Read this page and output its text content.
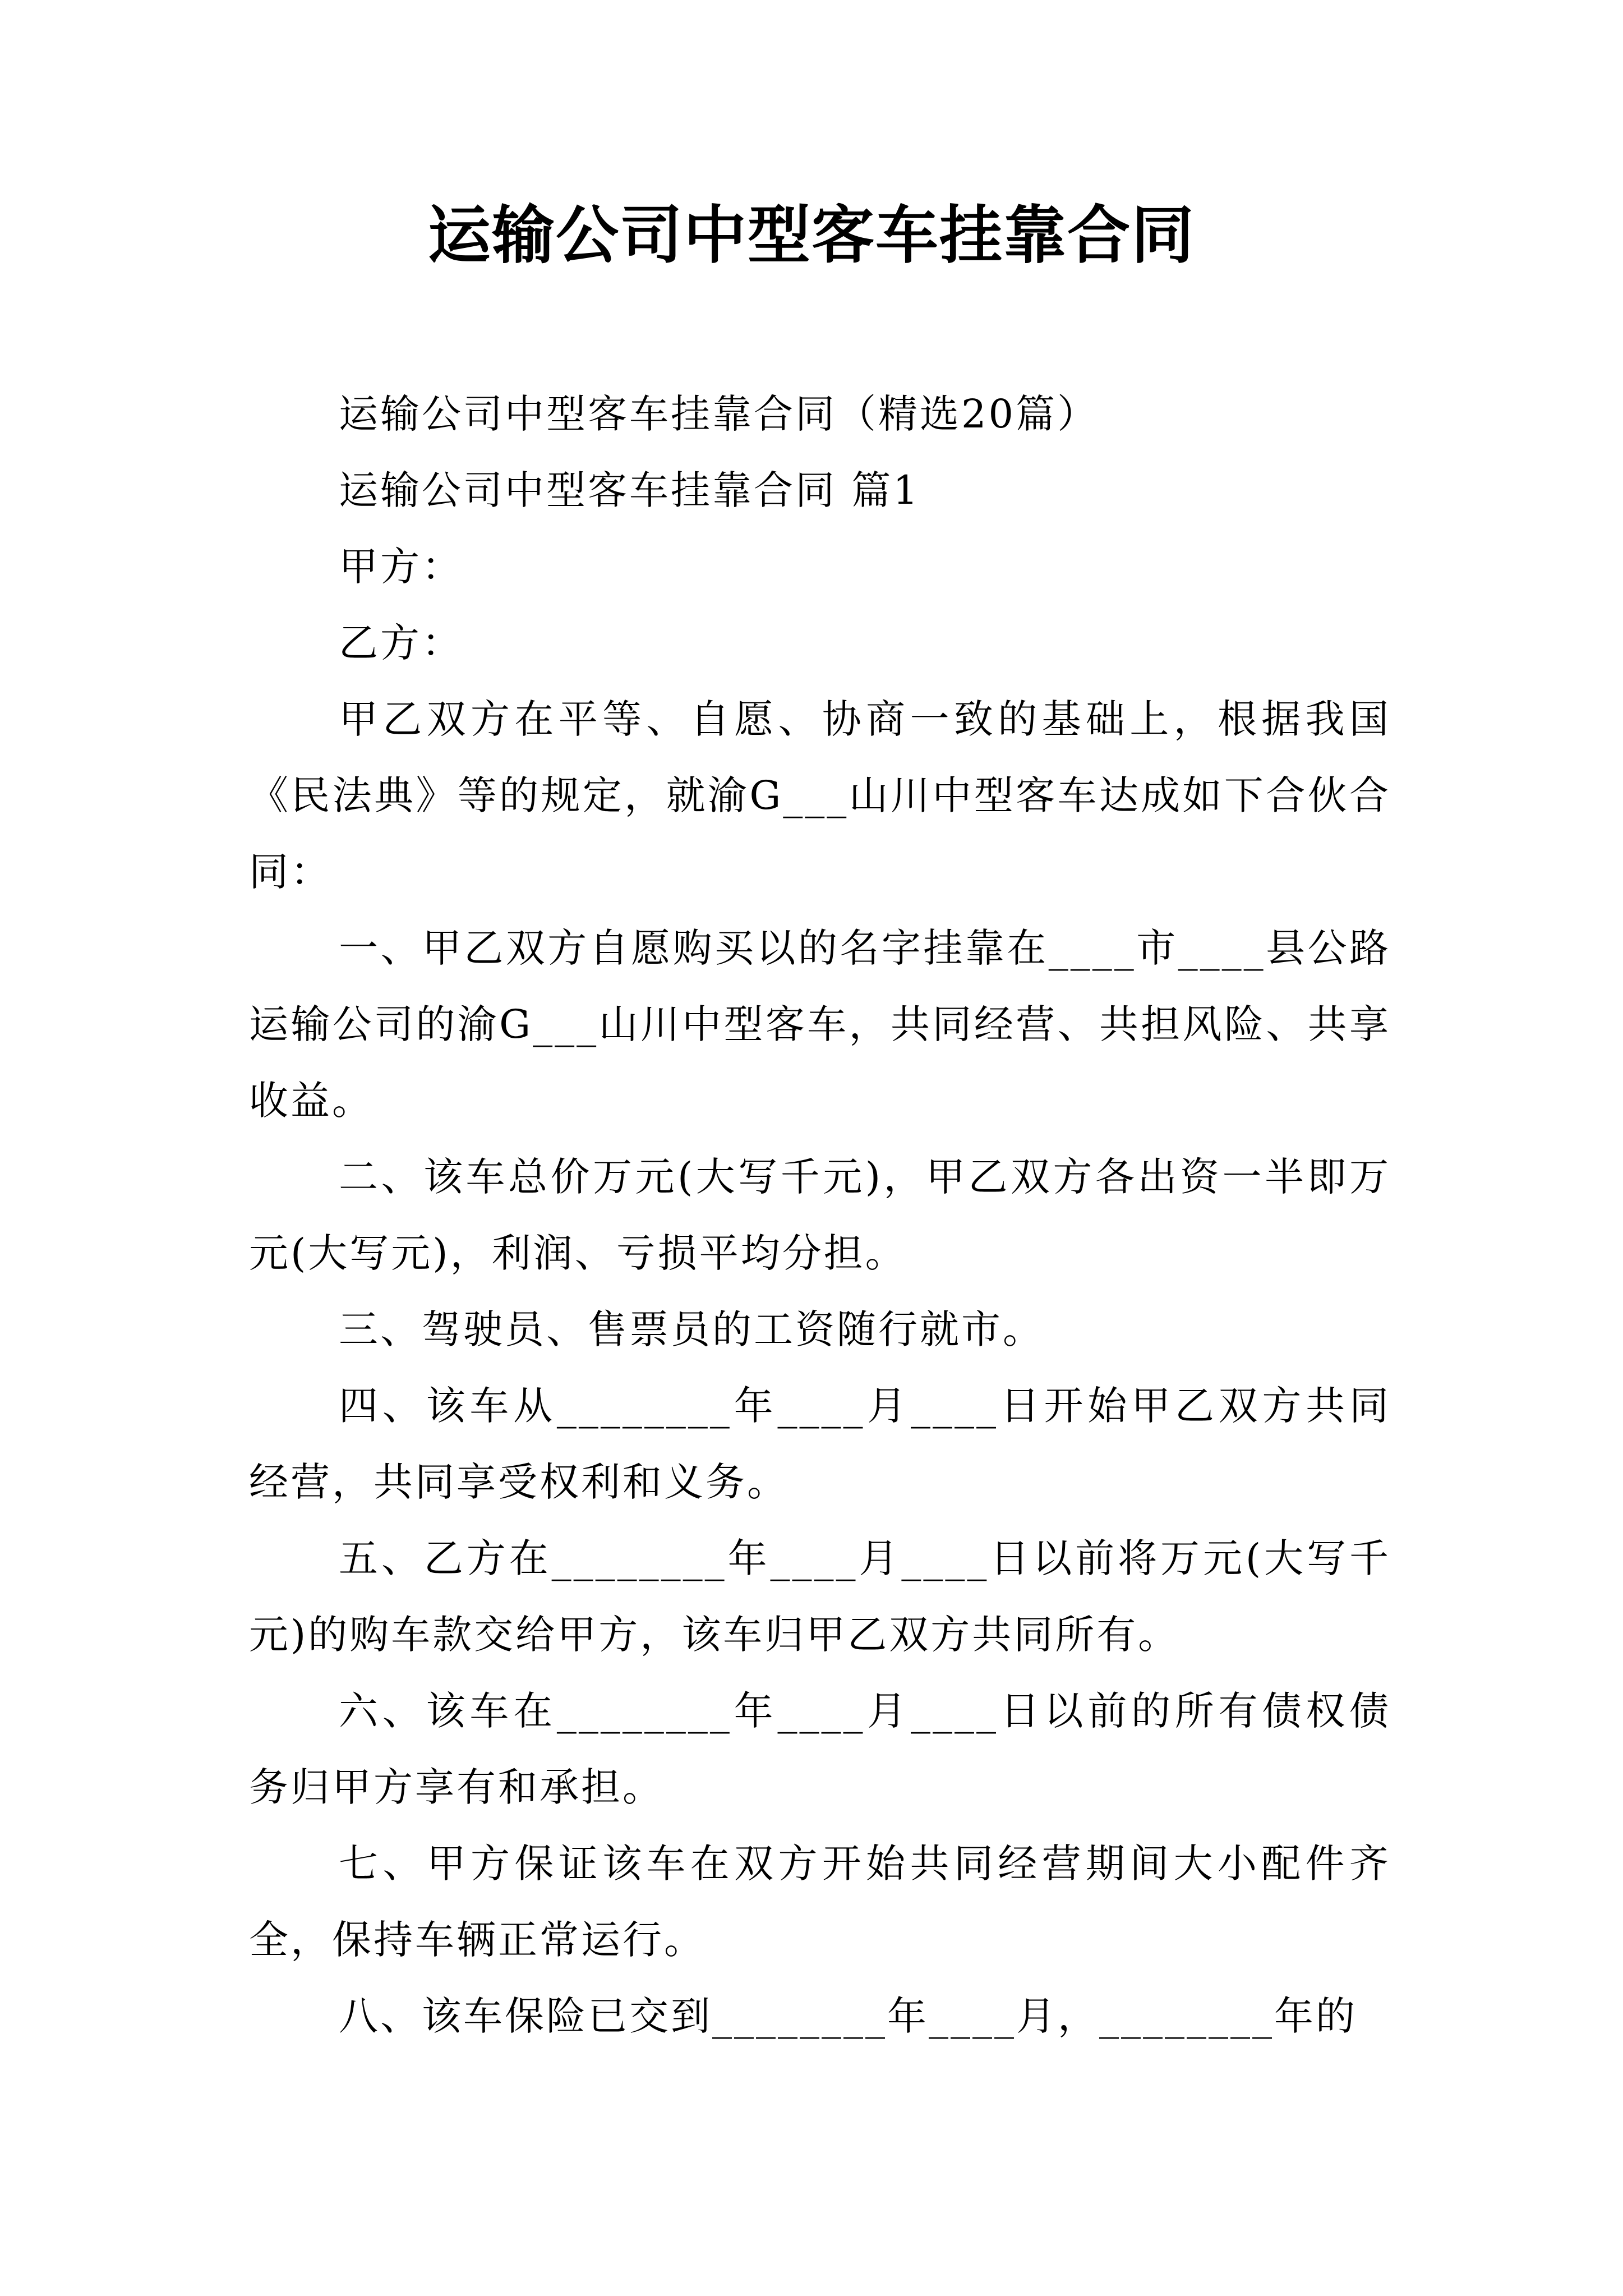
运输公司中型客车挂靠合同

运输公司中型客车挂靠合同（精选20篇）

运输公司中型客车挂靠合同 篇1

甲方：

乙方：

甲乙双方在平等、自愿、协商一致的基础上，根据我国《民法典》等的规定，就渝G___山川中型客车达成如下合伙合同：

一、甲乙双方自愿购买以的名字挂靠在____市____县公路运输公司的渝G___山川中型客车，共同经营、共担风险、共享收益。

二、该车总价万元(大写千元)，甲乙双方各出资一半即万元(大写元)，利润、亏损平均分担。

三、驾驶员、售票员的工资随行就市。

四、该车从________年____月____日开始甲乙双方共同经营，共同享受权利和义务。

五、乙方在________年____月____日以前将万元(大写千元)的购车款交给甲方，该车归甲乙双方共同所有。

六、该车在________年____月____日以前的所有债权债务归甲方享有和承担。

七、甲方保证该车在双方开始共同经营期间大小配件齐全，保持车辆正常运行。

八、该车保险已交到________年____月，________年的
